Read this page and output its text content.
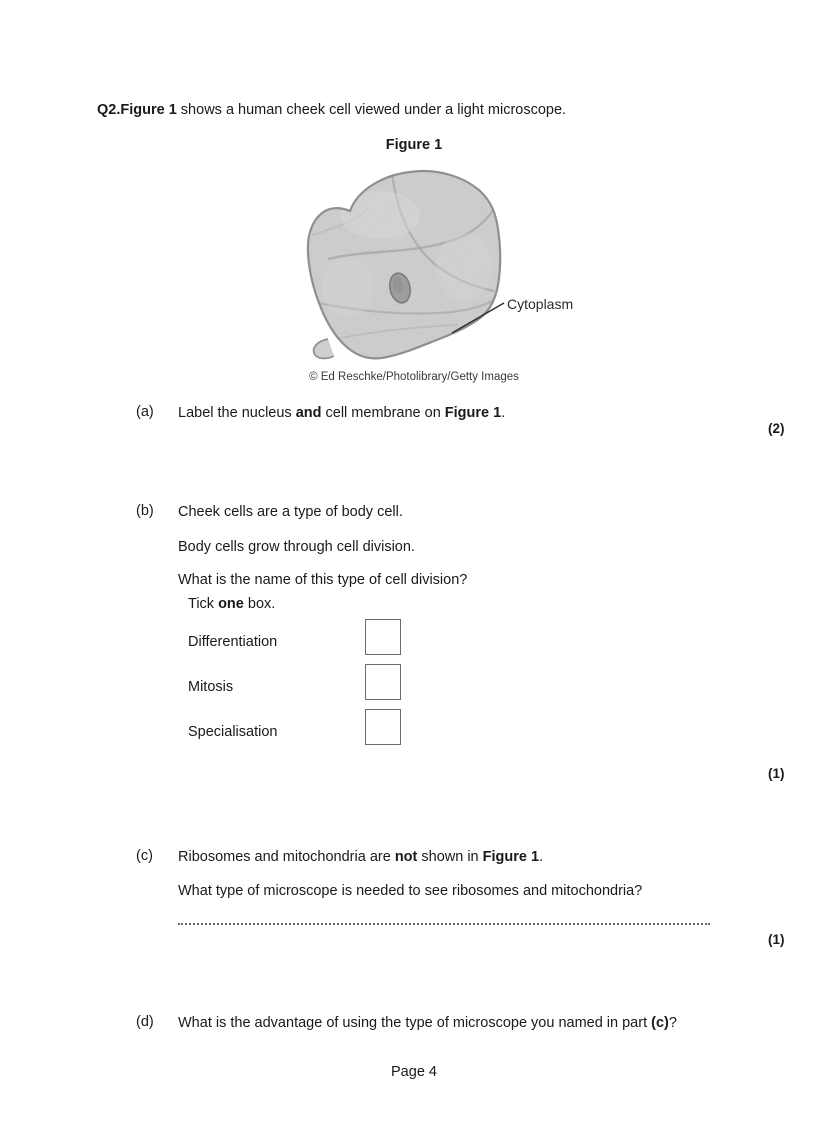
Q2.Figure 1 shows a human cheek cell viewed under a light microscope.
Figure 1
Cytoplasm
© Ed Reschke/Photolibrary/Getty Images
(a) Label the nucleus and cell membrane on Figure 1.
(2)
(b) Cheek cells are a type of body cell.
Body cells grow through cell division.
What is the name of this type of cell division?
Tick one box.
Differentiation
Mitosis
Specialisation
(1)
(c) Ribosomes and mitochondria are not shown in Figure 1.
What type of microscope is needed to see ribosomes and mitochondria?
(1)
(d) What is the advantage of using the type of microscope you named in part (c)?
Page 4
